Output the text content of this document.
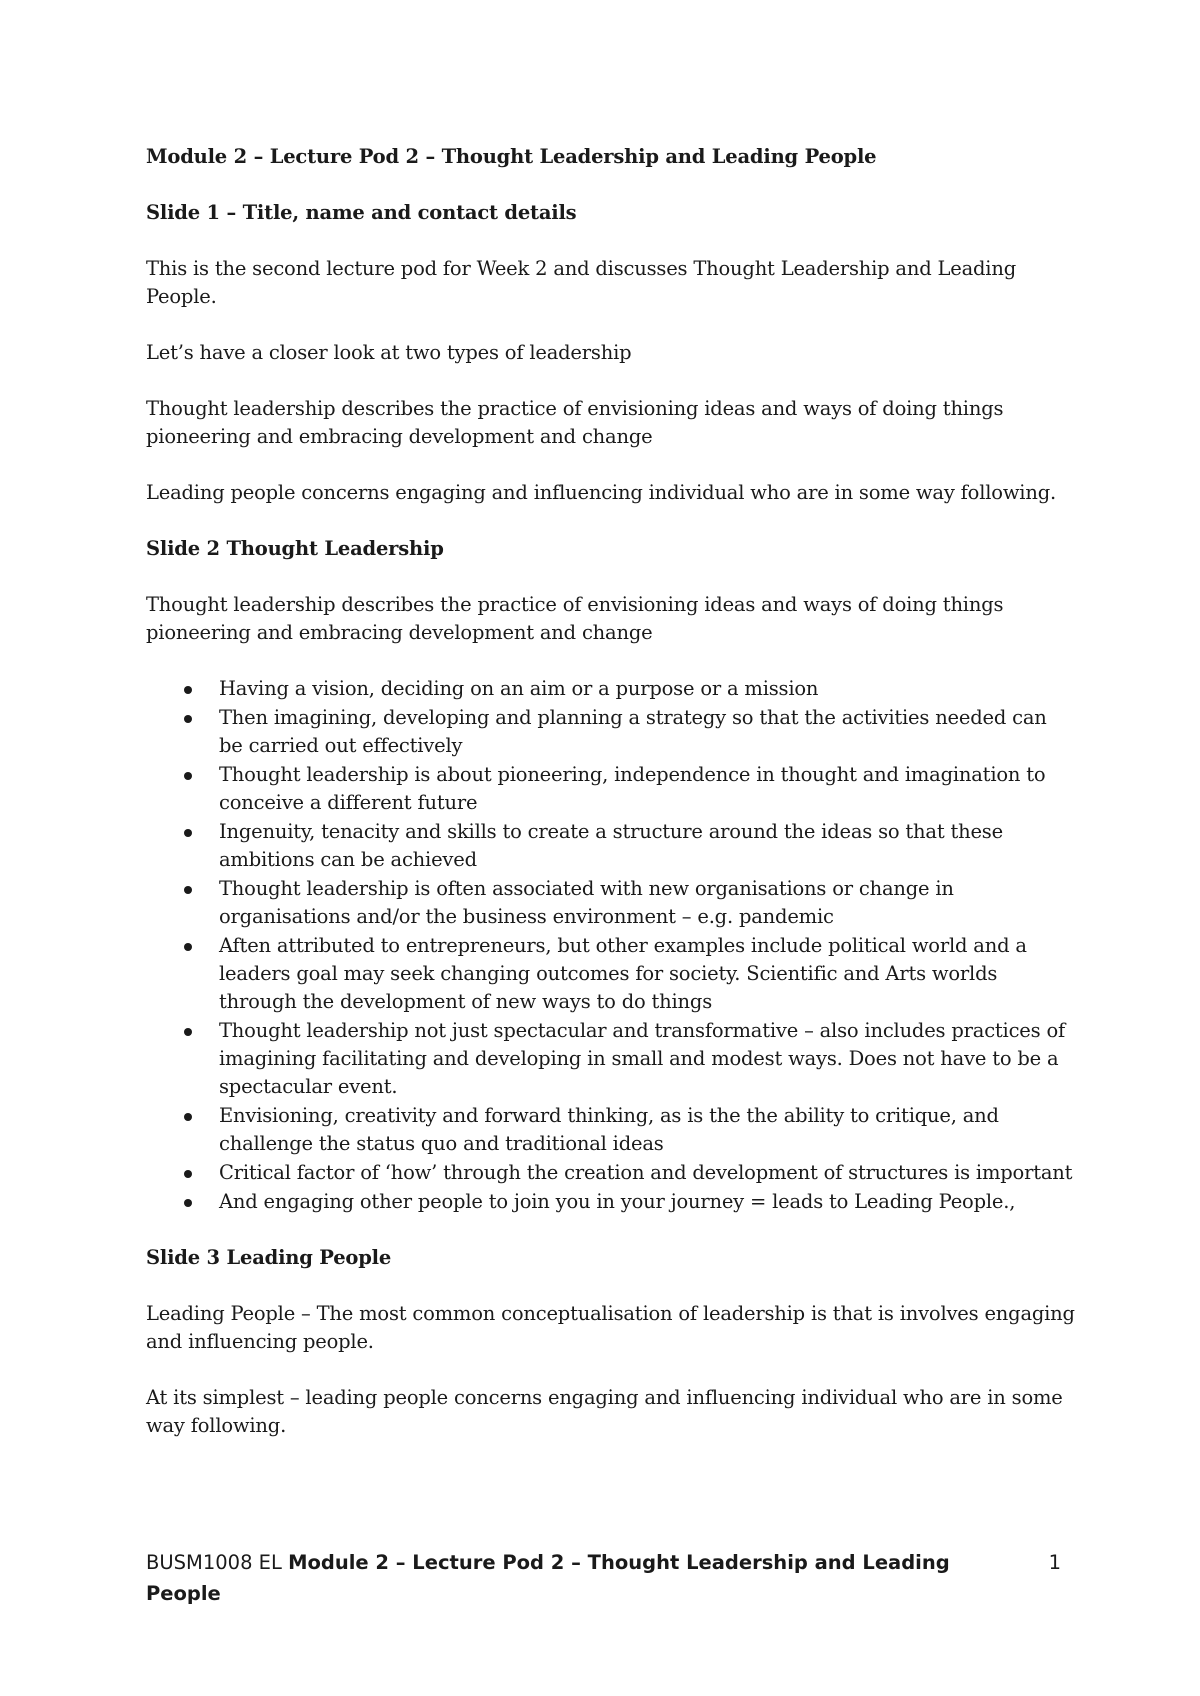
Module 2 – Lecture Pod 2 – Thought Leadership and Leading People

Slide 1 – Title, name and contact details

This is the second lecture pod for Week 2 and discusses Thought Leadership and Leading People.

Let’s have a closer look at two types of leadership

Thought leadership describes the practice of envisioning ideas and ways of doing things pioneering and embracing development and change

Leading people concerns engaging and influencing individual who are in some way following.

Slide 2 Thought Leadership

Thought leadership describes the practice of envisioning ideas and ways of doing things pioneering and embracing development and change

Having a vision, deciding on an aim or a purpose or a mission
Then imagining, developing and planning a strategy so that the activities needed can be carried out effectively
Thought leadership is about pioneering, independence in thought and imagination to conceive a different future
Ingenuity, tenacity and skills to create a structure around the ideas so that these ambitions can be achieved
Thought leadership is often associated with new organisations or change in organisations and/or the business environment – e.g. pandemic
Aften attributed to entrepreneurs, but other examples include political world and a leaders goal may seek changing outcomes for society. Scientific and Arts worlds through the development of new ways to do things
Thought leadership not just spectacular and transformative – also includes practices of imagining facilitating and developing in small and modest ways. Does not have to be a spectacular event.
Envisioning, creativity and forward thinking, as is the the ability to critique, and challenge the status quo and traditional ideas
Critical factor of ‘how’ through the creation and development of structures is important
And engaging other people to join you in your journey = leads to Leading People.,

Slide 3 Leading People

Leading People – The most common conceptualisation of leadership is that is involves engaging and influencing people.

At its simplest – leading people concerns engaging and influencing individual who are in some way following.

BUSM1008 EL Module 2 – Lecture Pod 2 – Thought Leadership and Leading People
1
